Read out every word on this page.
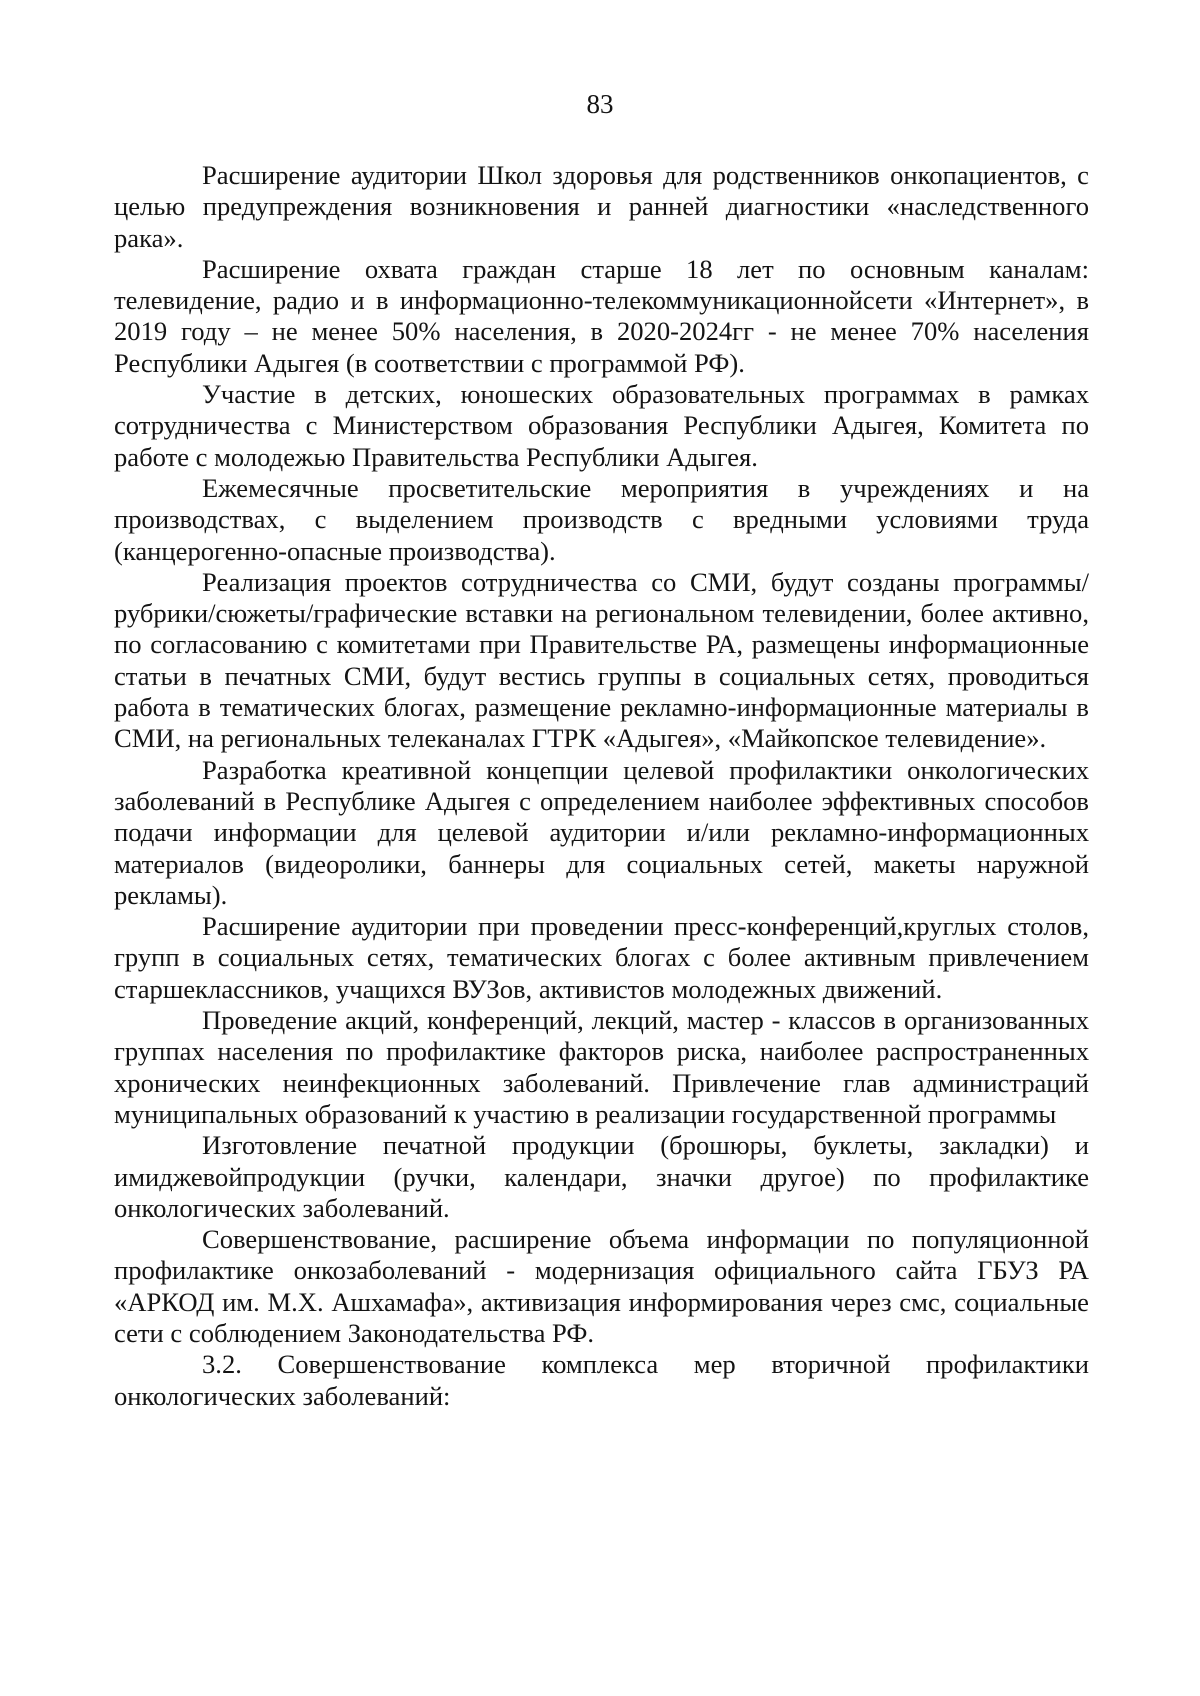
83

Расширение аудитории Школ здоровья для родственников онкопациентов, с целью предупреждения возникновения и ранней диагностики «наследственного рака».

Расширение охвата граждан старше 18 лет по основным каналам: телевидение, радио и в информационно-телекоммуникационнойсети «Интернет», в 2019 году – не менее 50% населения, в 2020-2024гг - не менее 70% населения Республики Адыгея (в соответствии с программой РФ).

Участие в детских, юношеских образовательных программах в рамках сотрудничества с Министерством образования Республики Адыгея, Комитета по работе с молодежью Правительства Республики Адыгея.

Ежемесячные просветительские мероприятия в учреждениях и на производствах, с выделением производств с вредными условиями труда (канцерогенно-опасные производства).

Реализация проектов сотрудничества со СМИ, будут созданы программы/рубрики/сюжеты/графические вставки на региональном телевидении, более активно, по согласованию с комитетами при Правительстве РА, размещены информационные статьи в печатных СМИ, будут вестись группы в социальных сетях, проводиться работа в тематических блогах, размещение рекламно-информационные материалы в СМИ, на региональных телеканалах ГТРК «Адыгея», «Майкопское телевидение».

Разработка креативной концепции целевой профилактики онкологических заболеваний в Республике Адыгея с определением наиболее эффективных способов подачи информации для целевой аудитории и/или рекламно-информационных материалов (видеоролики, баннеры для социальных сетей, макеты наружной рекламы).

Расширение аудитории при проведении пресс-конференций,круглых столов, групп в социальных сетях, тематических блогах с более активным привлечением старшеклассников, учащихся ВУЗов, активистов молодежных движений.

Проведение акций, конференций, лекций, мастер - классов в организованных группах населения по профилактике факторов риска, наиболее распространенных хронических неинфекционных заболеваний. Привлечение глав администраций муниципальных образований к участию в реализации государственной программы

Изготовление печатной продукции (брошюры, буклеты, закладки) и имиджевойпродукции (ручки, календари, значки другое) по профилактике онкологических заболеваний.

Совершенствование, расширение объема информации по популяционной профилактике онкозаболеваний - модернизация официального сайта ГБУЗ РА «АРКОД им. М.Х. Ашхамафа», активизация информирования через смс, социальные сети с соблюдением Законодательства РФ.

3.2. Совершенствование комплекса мер вторичной профилактики онкологических заболеваний:
